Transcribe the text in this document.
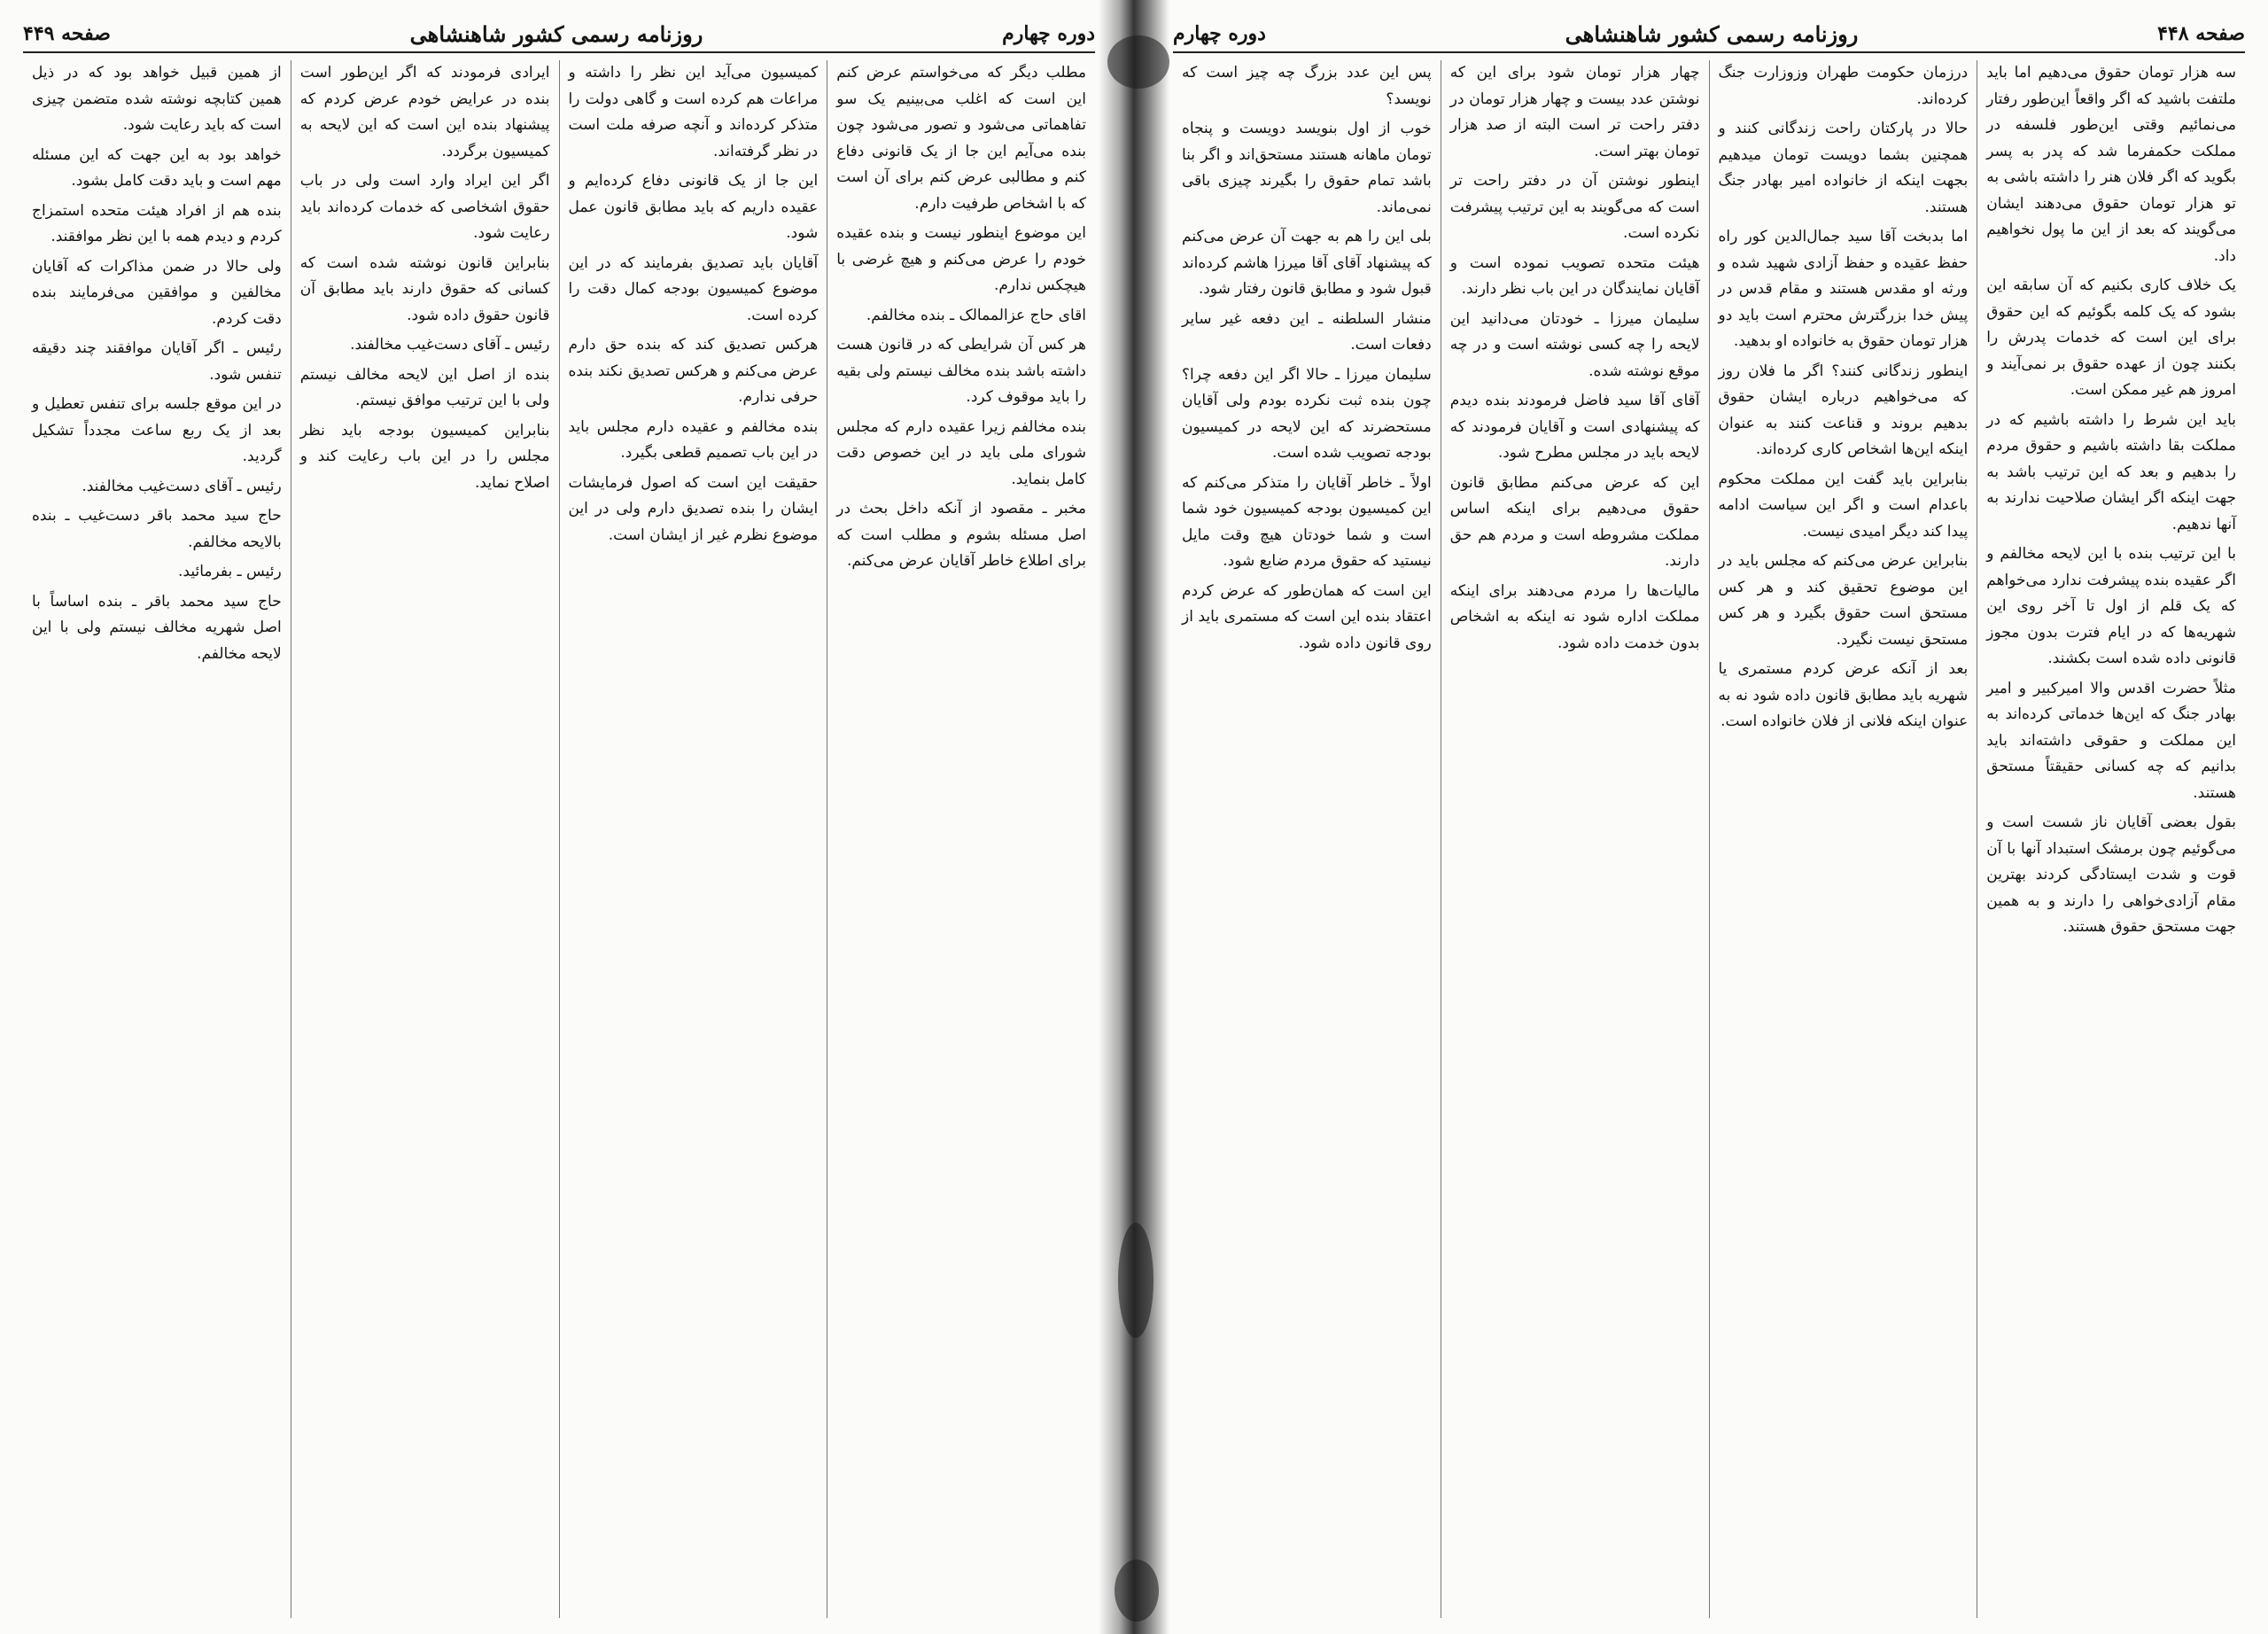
صفحه ۴۴۸
روزنامه رسمی کشور شاهنشاهی
دوره چهارم

سه هزار تومان حقوق می‌دهیم اما باید ملتفت باشید که اگر واقعاً این‌طور رفتار می‌نمائیم وقتی این‌طور فلسفه در مملکت حکمفرما شد که پدر به پسر بگوید که اگر فلان هنر را داشته باشی به تو هزار تومان حقوق می‌دهند ایشان می‌گویند که بعد از این ما پول نخواهیم داد.

یک خلاف کاری بکنیم که آن سابقه این بشود که یک کلمه بگوئیم که این حقوق برای این است که خدمات پدرش را بکنند چون از عهده حقوق بر نمی‌آیند و امروز هم غیر ممکن است.

باید این شرط را داشته باشیم که در مملکت بقا داشته باشیم و حقوق مردم را بدهیم و بعد که این ترتیب باشد به جهت اینکه اگر ایشان صلاحیت ندارند به آنها ندهیم.

با این ترتیب بنده با این لایحه مخالفم و اگر عقیده بنده پیشرفت ندارد می‌خواهم که یک قلم از اول تا آخر روی این شهریه‌ها که در ایام فترت بدون مجوز قانونی داده شده است بکشند.

مثلاً حضرت اقدس والا امیرکبیر و امیر بهادر جنگ که این‌ها خدماتی کرده‌اند به این مملکت و حقوقی داشته‌اند باید بدانیم که چه کسانی حقیقتاً مستحق هستند.

بقول بعضی آقایان ناز شست است و می‌گوئیم چون برمشک استبداد آنها با آن قوت و شدت ایستادگی کردند بهترین مقام آزادی‌خواهی را دارند و به همین جهت مستحق حقوق هستند.

درزمان حکومت طهران وزوزارت جنگ کرده‌اند.

حالا در پارکتان راحت زندگانی کنند و همچنین بشما دویست تومان میدهیم بجهت اینکه از خانواده امیر بهادر جنگ هستند.

اما بدبخت آقا سید جمال‌الدین کور راه حفظ عقیده و حفظ آزادی شهید شده و ورثه او مقدس هستند و مقام قدس در پیش خدا بزرگترش محترم است باید دو هزار تومان حقوق به خانواده او بدهید.

اینطور زندگانی کنند؟ اگر ما فلان روز که می‌خواهیم درباره ایشان حقوق بدهیم بروند و قناعت کنند به عنوان اینکه این‌ها اشخاص کاری کرده‌اند.

بنابراین باید گفت این مملکت محکوم باعدام است و اگر این سیاست ادامه پیدا کند دیگر امیدی نیست.

بنابراین عرض می‌کنم که مجلس باید در این موضوع تحقیق کند و هر کس مستحق است حقوق بگیرد و هر کس مستحق نیست نگیرد.

بعد از آنکه عرض کردم مستمری یا شهریه باید مطابق قانون داده شود نه به عنوان اینکه فلانی از فلان خانواده است.

چهار هزار تومان شود برای این که نوشتن عدد بیست و چهار هزار تومان در دفتر راحت تر است البته از صد هزار تومان بهتر است.

اینطور نوشتن آن در دفتر راحت تر است که می‌گویند به این ترتیب پیشرفت نکرده است.

هیئت متحده تصویب نموده است و آقایان نمایندگان در این باب نظر دارند.

سلیمان میرزا ـ خودتان می‌دانید این لایحه را چه کسی نوشته است و در چه موقع نوشته شده.

آقای آقا سید فاضل فرمودند بنده دیدم که پیشنهادی است و آقایان فرمودند که لایحه باید در مجلس مطرح شود.

این که عرض می‌کنم مطابق قانون حقوق می‌دهیم برای اینکه اساس مملکت مشروطه است و مردم هم حق دارند.

مالیات‌ها را مردم می‌دهند برای اینکه مملکت اداره شود نه اینکه به اشخاص بدون خدمت داده شود.

پس این عدد بزرگ چه چیز است که نویسد؟

خوب از اول بنویسد دویست و پنجاه تومان ماهانه هستند مستحق‌اند و اگر بنا باشد تمام حقوق را بگیرند چیزی باقی نمی‌ماند.

بلی این را هم به جهت آن عرض می‌کنم که پیشنهاد آقای آقا میرزا هاشم کرده‌اند قبول شود و مطابق قانون رفتار شود.

منشار السلطنه ـ این دفعه غیر سایر دفعات است.

سلیمان میرزا ـ حالا اگر این دفعه چرا؟ چون بنده ثبت نکرده بودم ولی آقایان مستحضرند که این لایحه در کمیسیون بودجه تصویب شده است.

اولاً ـ خاطر آقایان را متذکر می‌کنم که این کمیسیون بودجه کمیسیون خود شما است و شما خودتان هیچ وقت مایل نیستید که حقوق مردم ضایع شود.

این است که همان‌طور که عرض کردم اعتقاد بنده این است که مستمری باید از روی قانون داده شود.

دوره چهارم
روزنامه رسمی کشور شاهنشاهی
صفحه ۴۴۹

مطلب دیگر که می‌خواستم عرض کنم این است که اغلب می‌بینیم یک سو تفاهماتی می‌شود و تصور می‌شود چون بنده می‌آیم این جا از یک قانونی دفاع کنم و مطالبی عرض کنم برای آن است که با اشخاص طرفیت دارم.

این موضوع اینطور نیست و بنده عقیده خودم را عرض می‌کنم و هیچ غرضی با هیچکس ندارم.

اقای حاج عزالممالک ـ بنده مخالفم.

هر کس آن شرایطی که در قانون هست داشته باشد بنده مخالف نیستم ولی بقیه را باید موقوف کرد.

بنده مخالفم زیرا عقیده دارم که مجلس شورای ملی باید در این خصوص دقت کامل بنماید.

مخبر ـ مقصود از آنکه داخل بحث در اصل مسئله بشوم و مطلب است که برای اطلاع خاطر آقایان عرض می‌کنم.

کمیسیون می‌آید این نظر را داشته و مراعات هم کرده است و گاهی دولت را متذکر کرده‌اند و آنچه صرفه ملت است در نظر گرفته‌اند.

این جا از یک قانونی دفاع کرده‌ایم و عقیده داریم که باید مطابق قانون عمل شود.

آقایان باید تصدیق بفرمایند که در این موضوع کمیسیون بودجه کمال دقت را کرده است.

هرکس تصدیق کند که بنده حق دارم عرض می‌کنم و هرکس تصدیق نکند بنده حرفی ندارم.

بنده مخالفم و عقیده دارم مجلس باید در این باب تصمیم قطعی بگیرد.

حقیقت این است که اصول فرمایشات ایشان را بنده تصدیق دارم ولی در این موضوع نظرم غیر از ایشان است.

ایرادی فرمودند که اگر این‌طور است بنده در عرایض خودم عرض کردم که پیشنهاد بنده این است که این لایحه به کمیسیون برگردد.

اگر این ایراد وارد است ولی در باب حقوق اشخاصی که خدمات کرده‌اند باید رعایت شود.

بنابراین قانون نوشته شده است که کسانی که حقوق دارند باید مطابق آن قانون حقوق داده شود.

رئیس ـ آقای دست‌غیب مخالفند.

بنده از اصل این لایحه مخالف نیستم ولی با این ترتیب موافق نیستم.

بنابراین کمیسیون بودجه باید نظر مجلس را در این باب رعایت کند و اصلاح نماید.

از همین قبیل خواهد بود که در ذیل همین کتابچه نوشته شده متضمن چیزی است که باید رعایت شود.

خواهد بود به این جهت که این مسئله مهم است و باید دقت کامل بشود.

بنده هم از افراد هیئت متحده استمزاج کردم و دیدم همه با این نظر موافقند.

ولی حالا در ضمن مذاکرات که آقایان مخالفین و موافقین می‌فرمایند بنده دقت کردم.

رئیس ـ اگر آقایان موافقند چند دقیقه تنفس شود.

در این موقع جلسه برای تنفس تعطیل و بعد از یک ربع ساعت مجدداً تشکیل گردید.

رئیس ـ آقای دست‌غیب مخالفند.

حاج سید محمد باقر دست‌غیب ـ بنده بالایحه مخالفم.

رئیس ـ بفرمائید.

حاج سید محمد باقر ـ بنده اساساً با اصل شهریه مخالف نیستم ولی با این لایحه مخالفم.
